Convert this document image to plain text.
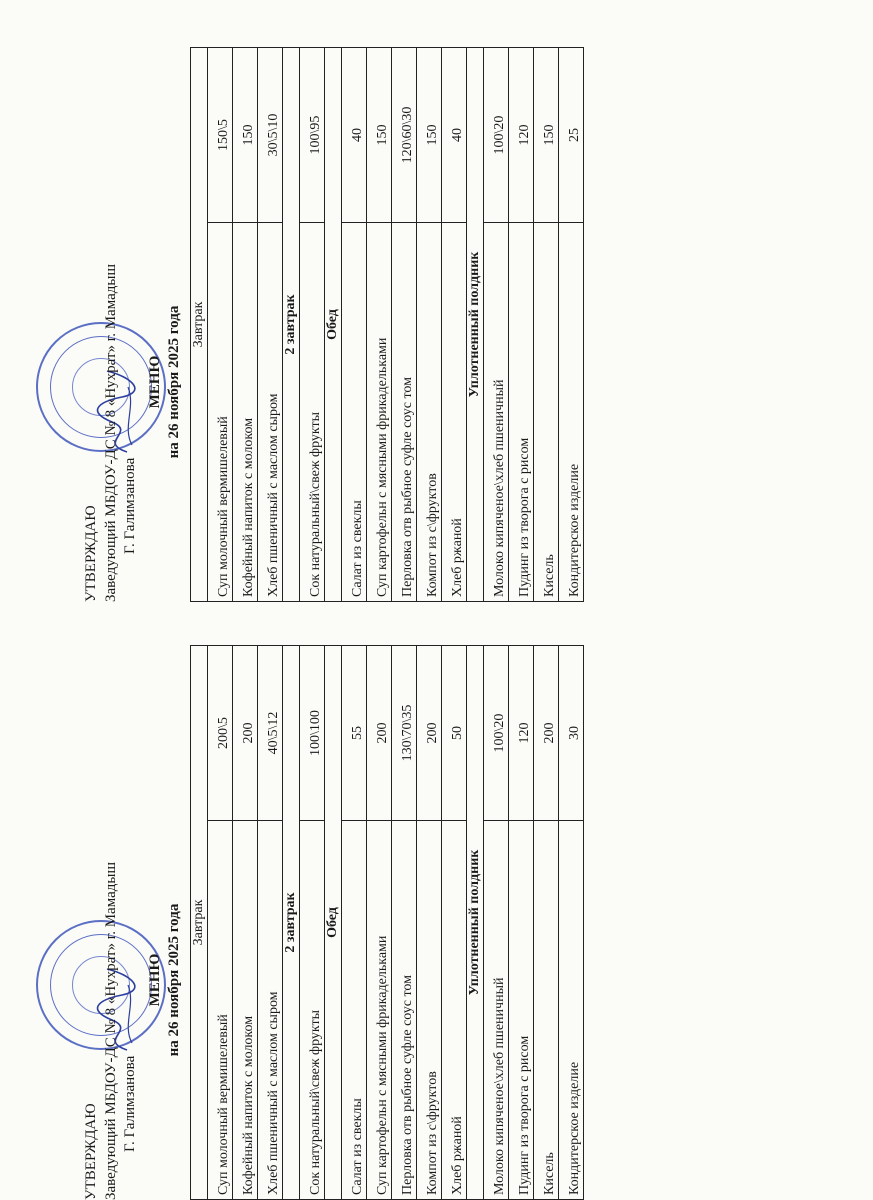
УТВЕРЖДАЮ Заведующий МБДОУ-ДС № 8 «Нухрат» г. Мамадыш Г. Галимзанова
МЕНЮ на 26 ноября 2025 года Завтрак	
Суп молочный вермишелевый	200\5
Кофейный напиток с молоком	200
Хлеб пшеничный с маслом сыром	40\5\12
2 завтрак	
Сок натуральный\свеж фрукты	100\100
Обед	
Салат из свеклы	55
Суп картофельн с мясными фрикадельками	200
Перловка отв рыбное суфле соус том	130\70\35
Компот из с\фруктов	200
Хлеб ржаной	50
Уплотненный полдник	
Молоко кипяченое\хлеб пшеничный	100\20
Пудинг из творога с рисом	120
Кисель	200
Кондитерское изделие	30
УТВЕРЖДАЮ Заведующий МБДОУ-ДС № 8 «Нухрат» г. Мамадыш Г. Галимзанова
МЕНЮ на 26 ноября 2025 года Завтрак	
Суп молочный вермишелевый	150\5
Кофейный напиток с молоком	150
Хлеб пшеничный с маслом сыром	30\5\10
2 завтрак	
Сок натуральный\свеж фрукты	100\95
Обед	
Салат из свеклы	40
Суп картофельн с мясными фрикадельками	150
Перловка отв рыбное суфле соус том	120\60\30
Компот из с\фруктов	150
Хлеб ржаной	40
Уплотненный полдник	
Молоко кипяченое\хлеб пшеничный	100\20
Пудинг из творога с рисом	120
Кисель	150
Кондитерское изделие	25
